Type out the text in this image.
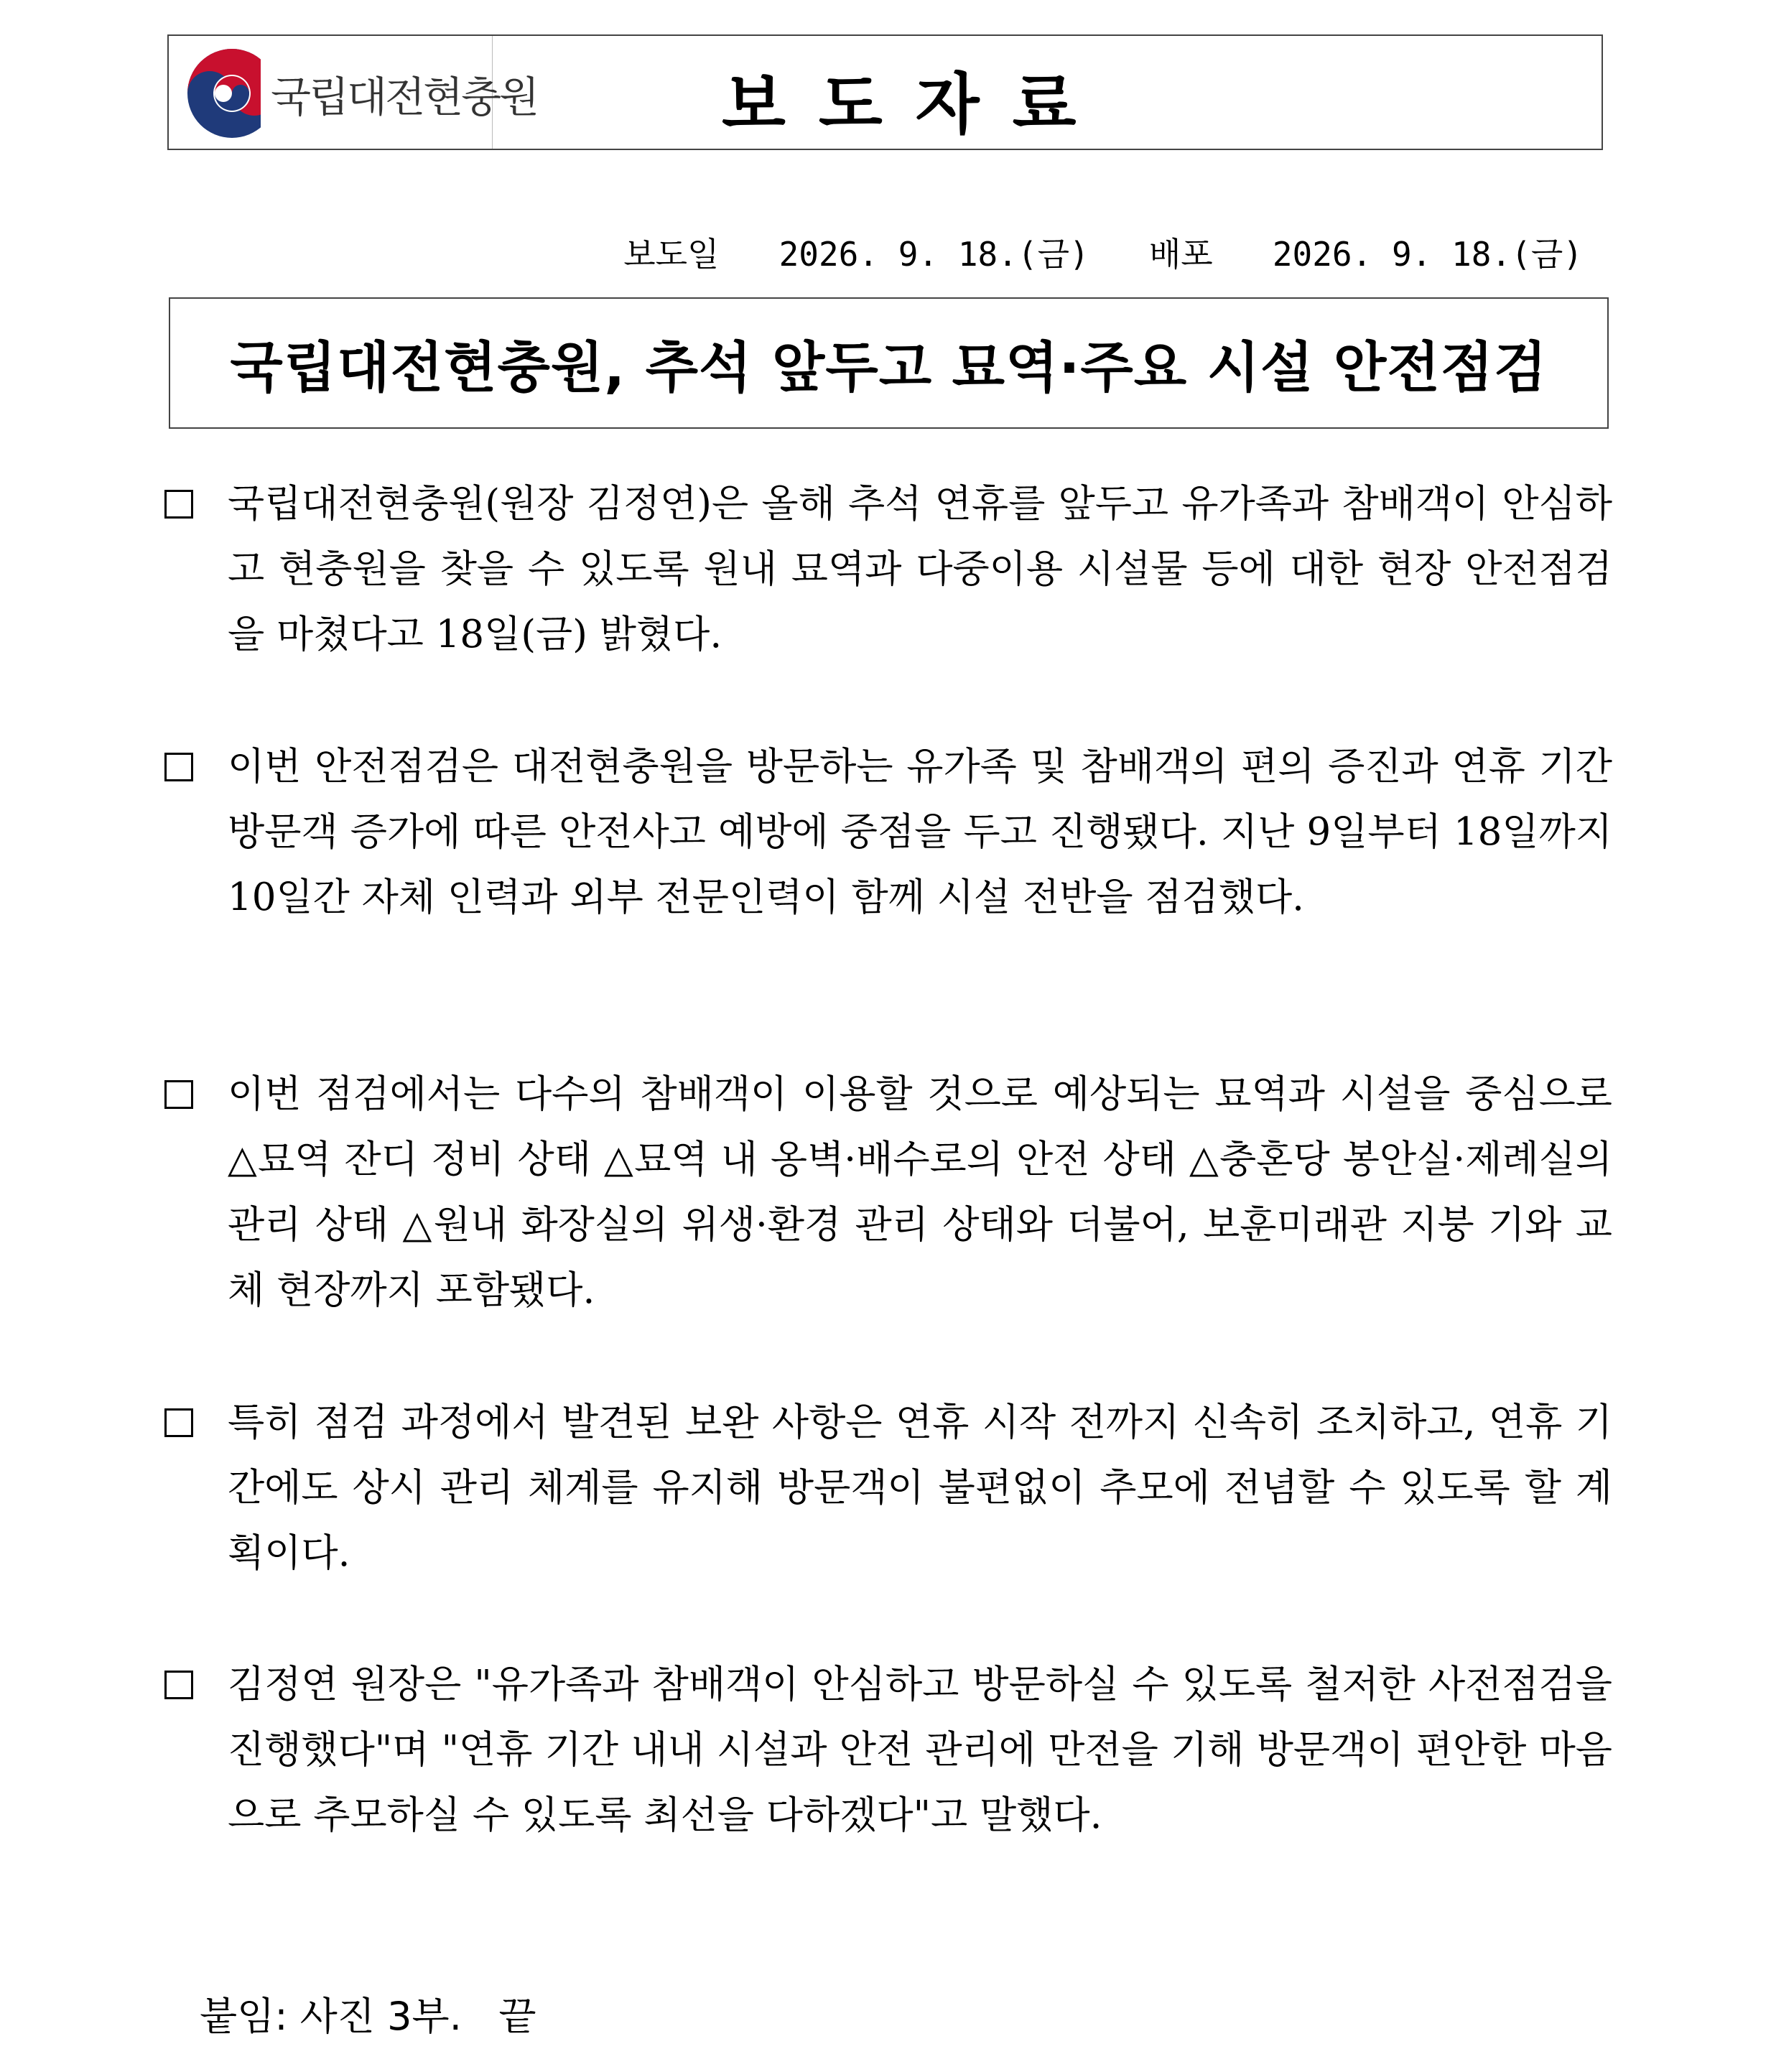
국립대전현충원	보도자료
보도일 2026. 9. 18.(금) 배포 2026. 9. 18.(금)
국립대전현충원, 추석 앞두고 묘역·주요 시설 안전점검

국립대전현충원(원장 김정연)은 올해 추석 연휴를 앞두고 유가족과 참배객이 안심하고 현충원을 찾을 수 있도록 원내 묘역과 다중이용 시설물 등에 대한 현장 안전점검을 마쳤다고 18일(금) 밝혔다.

이번 안전점검은 대전현충원을 방문하는 유가족 및 참배객의 편의 증진과 연휴 기간 방문객 증가에 따른 안전사고 예방에 중점을 두고 진행됐다. 지난 9일부터 18일까지 10일간 자체 인력과 외부 전문인력이 함께 시설 전반을 점검했다.

이번 점검에서는 다수의 참배객이 이용할 것으로 예상되는 묘역과 시설을 중심으로 △묘역 잔디 정비 상태 △묘역 내 옹벽·배수로의 안전 상태 △충혼당 봉안실·제례실의 관리 상태 △원내 화장실의 위생·환경 관리 상태와 더불어, 보훈미래관 지붕 기와 교체 현장까지 포함됐다.

특히 점검 과정에서 발견된 보완 사항은 연휴 시작 전까지 신속히 조치하고, 연휴 기간에도 상시 관리 체계를 유지해 방문객이 불편없이 추모에 전념할 수 있도록 할 계획이다.

김정연 원장은 "유가족과 참배객이 안심하고 방문하실 수 있도록 철저한 사전점검을 진행했다"며 "연휴 기간 내내 시설과 안전 관리에 만전을 기해 방문객이 편안한 마음으로 추모하실 수 있도록 최선을 다하겠다"고 말했다.

붙임: 사진 3부.   끝
